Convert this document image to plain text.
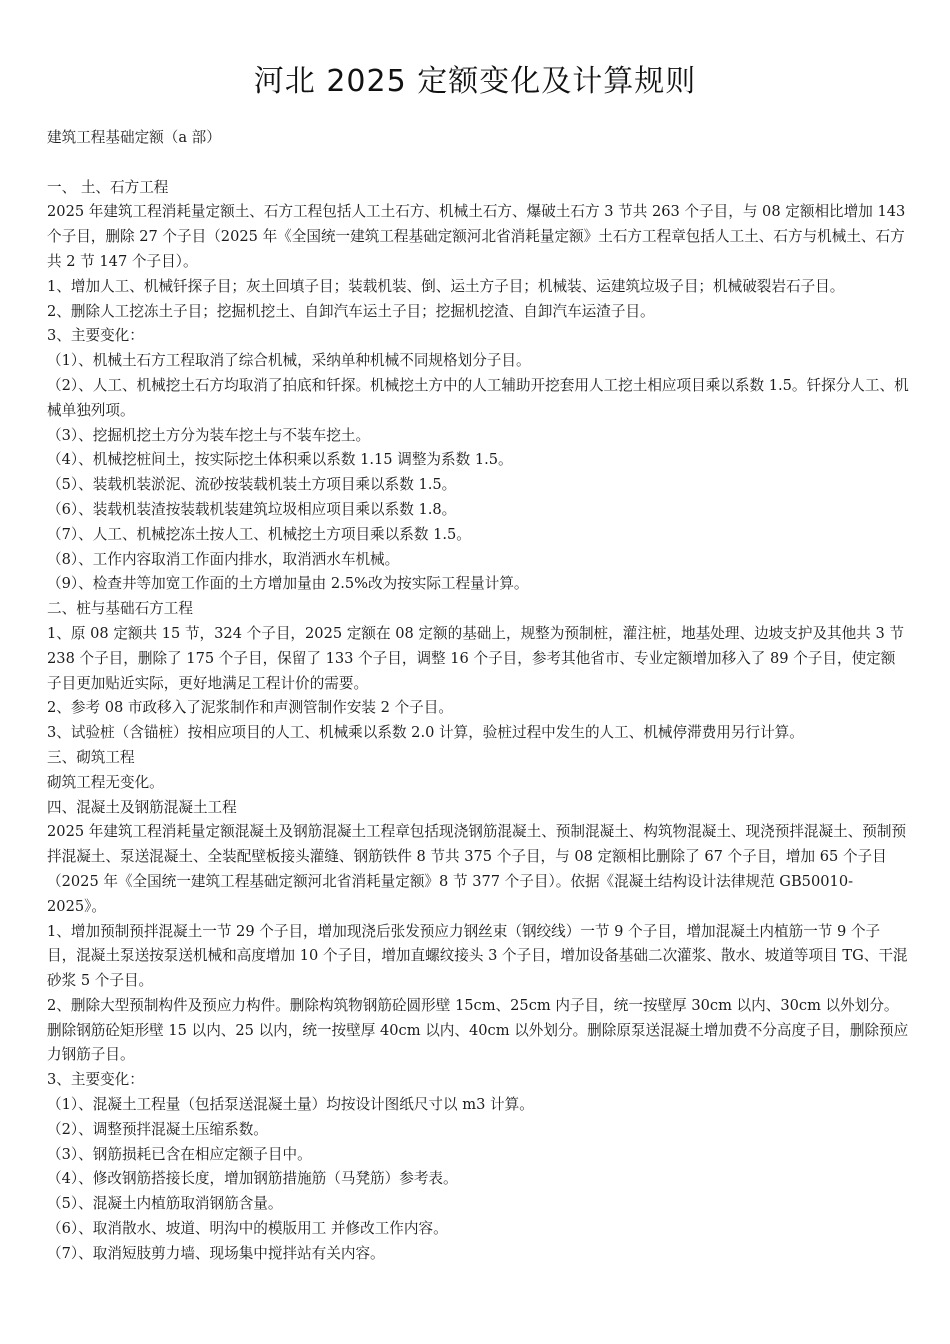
河北 2025 定额变化及计算规则

建筑工程基础定额（a 部）

一、 土、石方工程

2025 年建筑工程消耗量定额土、石方工程包括人工土石方、机械土石方、爆破土石方 3 节共 263 个子目，与 08 定额相比增加 143 个子目，删除 27 个子目（2025 年《全国统一建筑工程基础定额河北省消耗量定额》土石方工程章包括人工土、石方与机械土、石方共 2 节 147 个子目）。

1、增加人工、机械钎探子目；灰土回填子目；装载机装、倒、运土方子目；机械装、运建筑垃圾子目；机械破裂岩石子目。

2、删除人工挖冻土子目；挖掘机挖土、自卸汽车运土子目；挖掘机挖渣、自卸汽车运渣子目。

3、主要变化：

（1）、机械土石方工程取消了综合机械，采纳单种机械不同规格划分子目。

（2）、人工、机械挖土石方均取消了拍底和钎探。机械挖土方中的人工辅助开挖套用人工挖土相应项目乘以系数 1.5。钎探分人工、机械单独列项。

（3）、挖掘机挖土方分为装车挖土与不装车挖土。

（4）、机械挖桩间土，按实际挖土体积乘以系数 1.15 调整为系数 1.5。

（5）、装载机装淤泥、流砂按装载机装土方项目乘以系数 1.5。

（6）、装载机装渣按装载机装建筑垃圾相应项目乘以系数 1.8。

（7）、人工、机械挖冻土按人工、机械挖土方项目乘以系数 1.5。

（8）、工作内容取消工作面内排水，取消洒水车机械。

（9）、检查井等加宽工作面的土方增加量由 2.5%改为按实际工程量计算。

二、桩与基础石方工程

1、原 08 定额共 15 节，324 个子目，2025 定额在 08 定额的基础上，规整为预制桩，灌注桩，地基处理、边坡支护及其他共 3 节 238 个子目，删除了 175 个子目，保留了 133 个子目，调整 16 个子目，参考其他省市、专业定额增加移入了 89 个子目，使定额子目更加贴近实际，更好地满足工程计价的需要。

2、参考 08 市政移入了泥浆制作和声测管制作安装 2 个子目。

3、试验桩（含锚桩）按相应项目的人工、机械乘以系数 2.0 计算，验桩过程中发生的人工、机械停滞费用另行计算。

三、砌筑工程

砌筑工程无变化。

四、混凝土及钢筋混凝土工程

2025 年建筑工程消耗量定额混凝土及钢筋混凝土工程章包括现浇钢筋混凝土、预制混凝土、构筑物混凝土、现浇预拌混凝土、预制预拌混凝土、泵送混凝土、全装配壁板接头灌缝、钢筋铁件 8 节共 375 个子目，与 08 定额相比删除了 67 个子目，增加 65 个子目（2025 年《全国统一建筑工程基础定额河北省消耗量定额》8 节 377 个子目）。依据《混凝土结构设计法律规范 GB50010-2025》。

1、增加预制预拌混凝土一节 29 个子目，增加现浇后张发预应力钢丝束（钢绞线）一节 9 个子目，增加混凝土内植筋一节 9 个子目，混凝土泵送按泵送机械和高度增加 10 个子目，增加直螺纹接头 3 个子目，增加设备基础二次灌浆、散水、坡道等项目 TG、干混砂浆 5 个子目。

2、删除大型预制构件及预应力构件。删除构筑物钢筋砼圆形壁 15cm、25cm 内子目，统一按壁厚 30cm 以内、30cm 以外划分。删除钢筋砼矩形壁 15 以内、25 以内，统一按壁厚 40cm 以内、40cm 以外划分。删除原泵送混凝土增加费不分高度子目，删除预应力钢筋子目。

3、主要变化：

（1）、混凝土工程量（包括泵送混凝土量）均按设计图纸尺寸以 m3 计算。

（2）、调整预拌混凝土压缩系数。

（3）、钢筋损耗已含在相应定额子目中。

（4）、修改钢筋搭接长度，增加钢筋措施筋（马凳筋）参考表。

（5）、混凝土内植筋取消钢筋含量。

（6）、取消散水、坡道、明沟中的模版用工 并修改工作内容。

（7）、取消短肢剪力墙、现场集中搅拌站有关内容。
